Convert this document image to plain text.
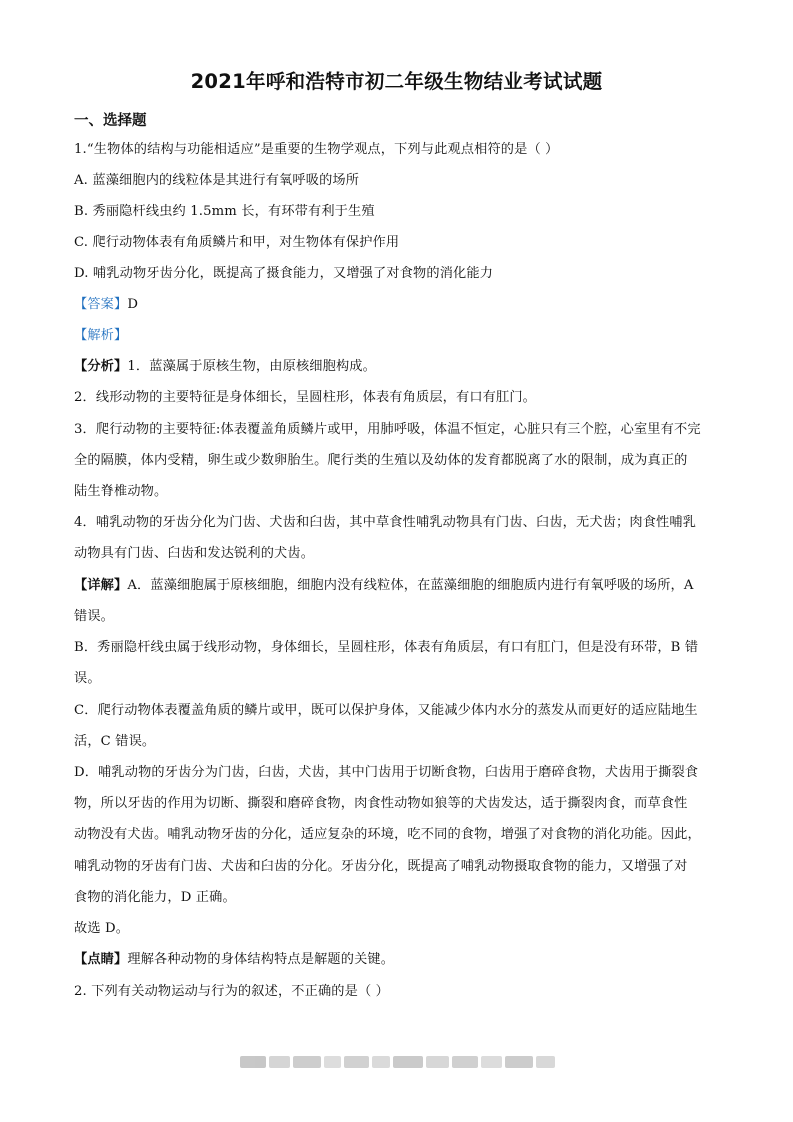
2021年呼和浩特市初二年级生物结业考试试题
一、选择题
1.“生物体的结构与功能相适应”是重要的生物学观点，下列与此观点相符的是（ ）
A. 蓝藻细胞内的线粒体是其进行有氧呼吸的场所
B. 秀丽隐杆线虫约 1.5mm 长，有环带有利于生殖
C. 爬行动物体表有角质鳞片和甲，对生物体有保护作用
D. 哺乳动物牙齿分化，既提高了摄食能力，又增强了对食物的消化能力
【答案】D
【解析】
【分析】1．蓝藻属于原核生物，由原核细胞构成。
2．线形动物的主要特征是身体细长，呈圆柱形，体表有角质层，有口有肛门。
3．爬行动物的主要特征:体表覆盖角质鳞片或甲，用肺呼吸，体温不恒定，心脏只有三个腔，心室里有不完
全的隔膜，体内受精，卵生或少数卵胎生。爬行类的生殖以及幼体的发育都脱离了水的限制，成为真正的
陆生脊椎动物。
4．哺乳动物的牙齿分化为门齿、犬齿和臼齿，其中草食性哺乳动物具有门齿、臼齿，无犬齿；肉食性哺乳
动物具有门齿、臼齿和发达锐利的犬齿。
【详解】A．蓝藻细胞属于原核细胞，细胞内没有线粒体，在蓝藻细胞的细胞质内进行有氧呼吸的场所，A
错误。
B．秀丽隐杆线虫属于线形动物，身体细长，呈圆柱形，体表有角质层，有口有肛门，但是没有环带，B 错
误。
C．爬行动物体表覆盖角质的鳞片或甲，既可以保护身体，又能减少体内水分的蒸发从而更好的适应陆地生
活，C 错误。
D．哺乳动物的牙齿分为门齿，臼齿，犬齿，其中门齿用于切断食物，臼齿用于磨碎食物，犬齿用于撕裂食
物，所以牙齿的作用为切断、撕裂和磨碎食物，肉食性动物如狼等的犬齿发达，适于撕裂肉食，而草食性
动物没有犬齿。哺乳动物牙齿的分化，适应复杂的环境，吃不同的食物，增强了对食物的消化功能。因此，
哺乳动物的牙齿有门齿、犬齿和臼齿的分化。牙齿分化，既提高了哺乳动物摄取食物的能力，又增强了对
食物的消化能力，D 正确。
故选 D。
【点睛】理解各种动物的身体结构特点是解题的关键。
2. 下列有关动物运动与行为的叙述，不正确的是（ ）
